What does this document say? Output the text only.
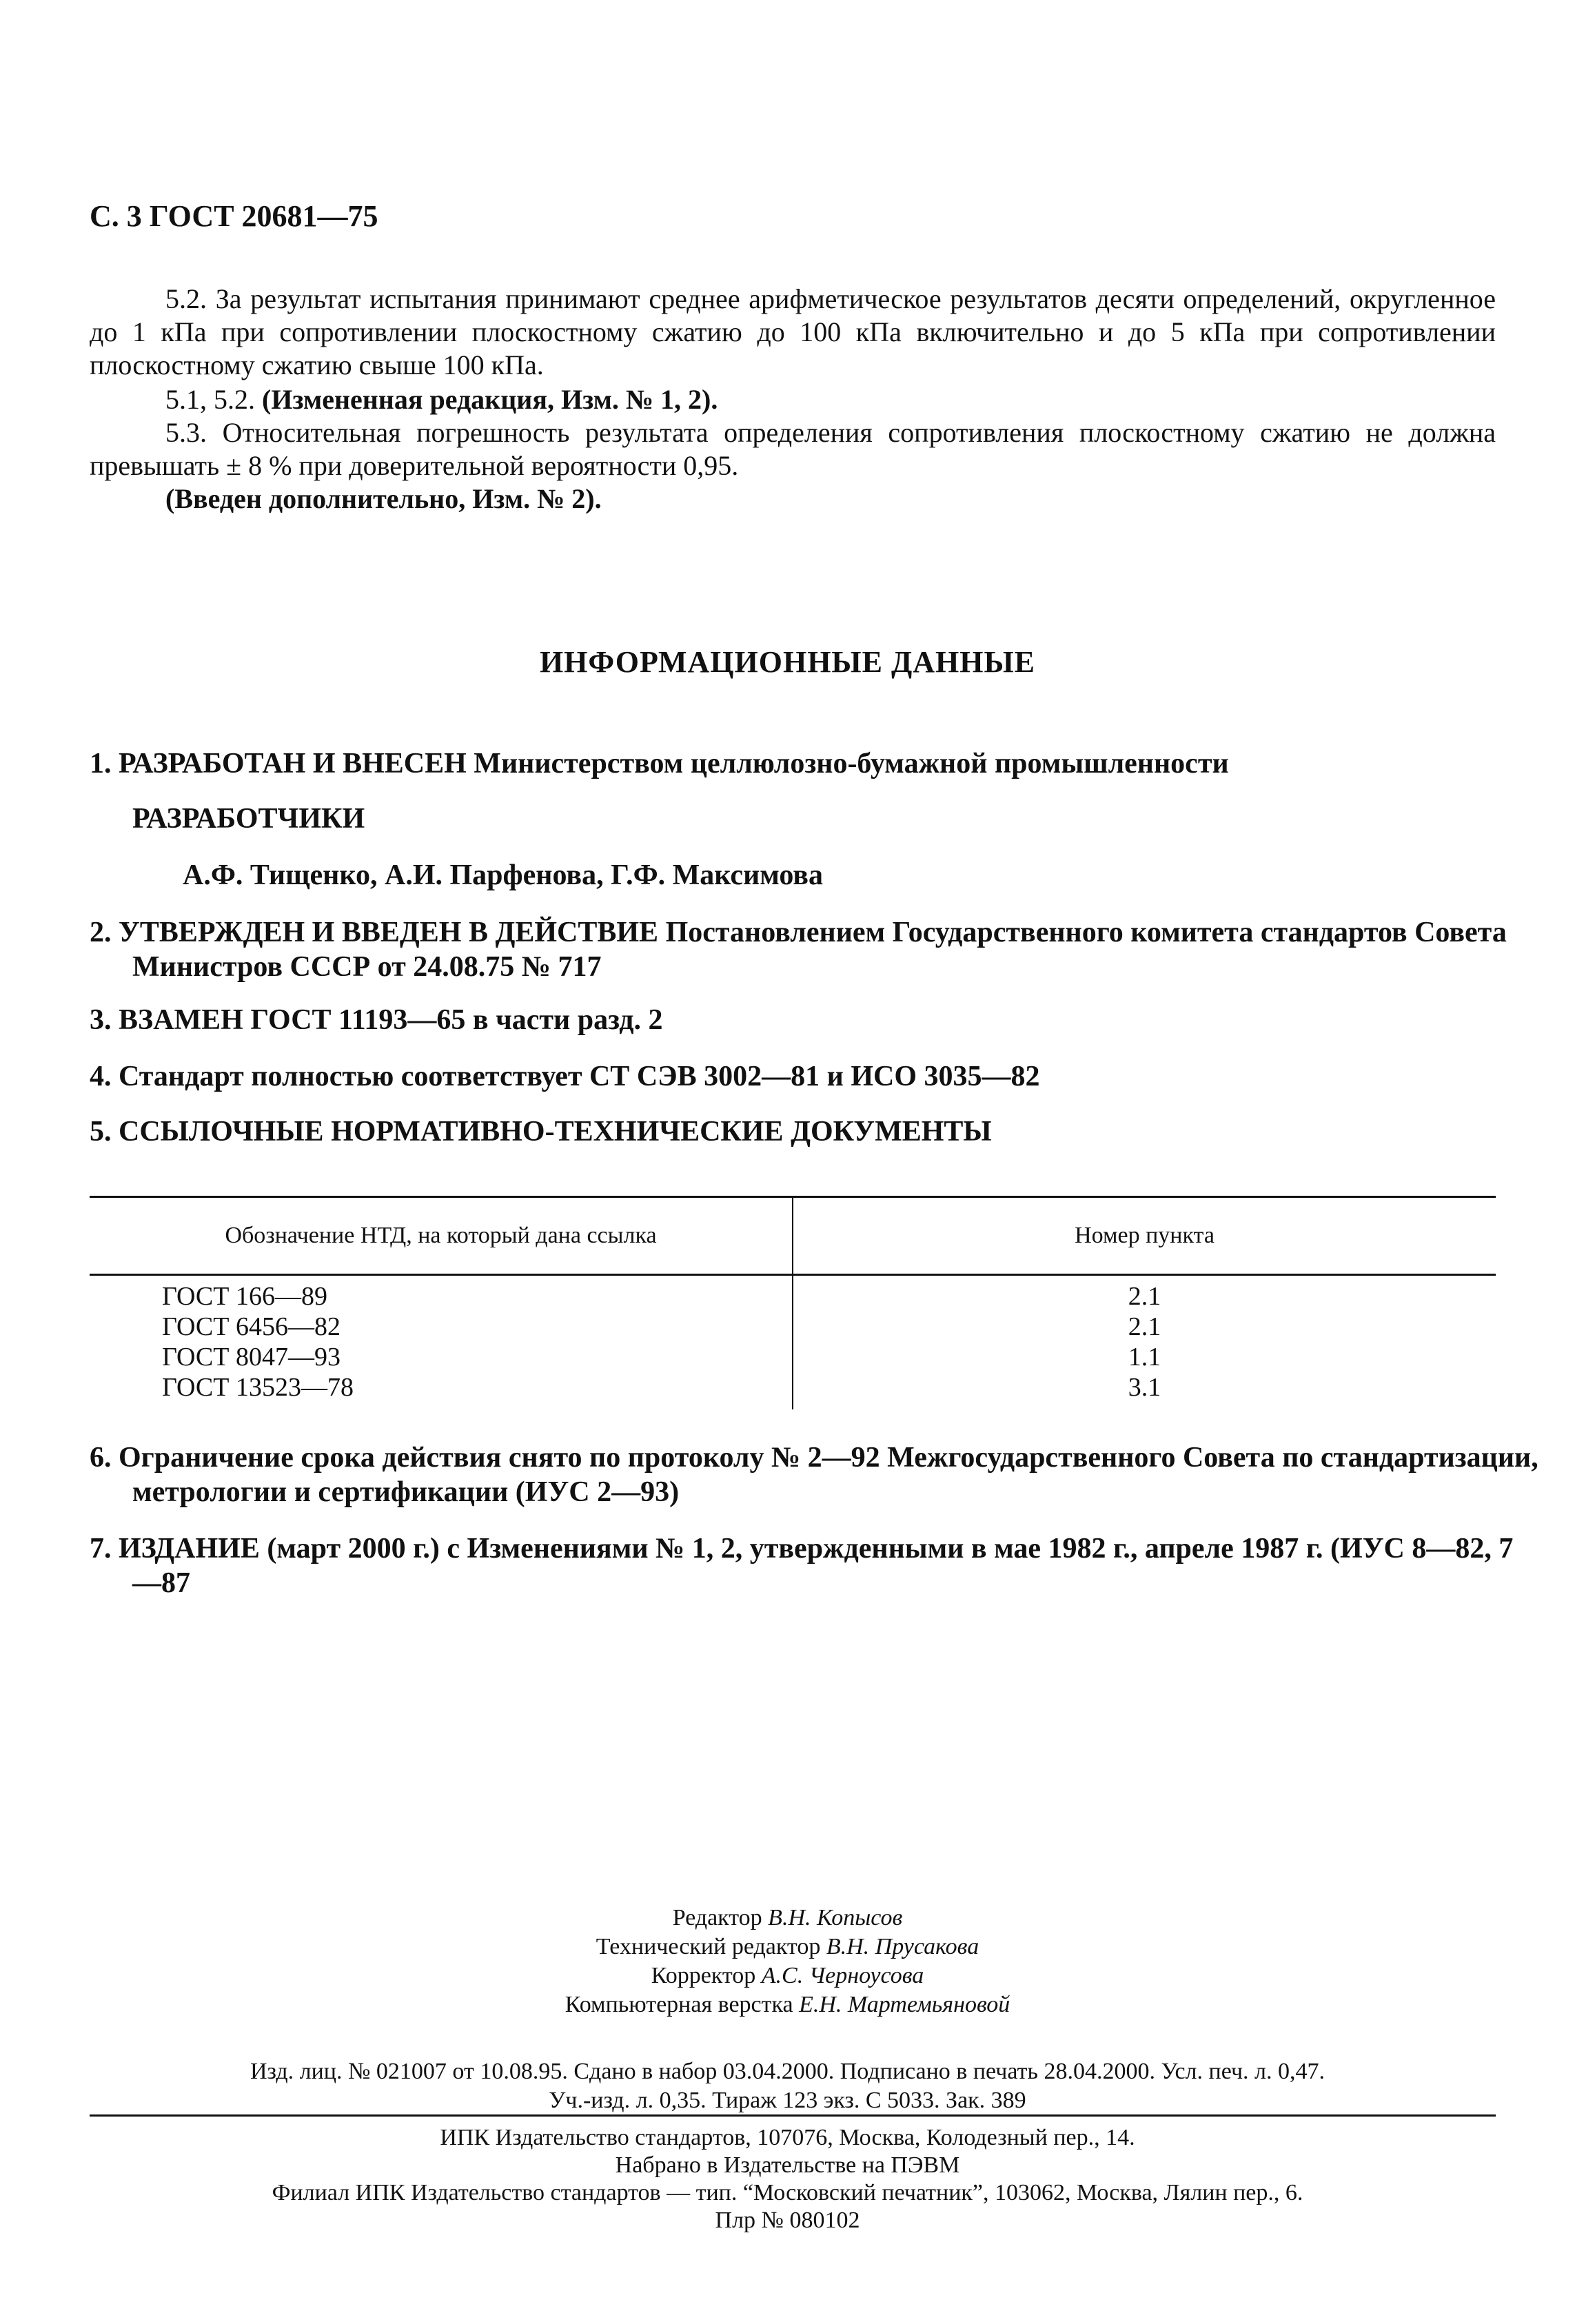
С. 3 ГОСТ 20681—75
5.2. За результат испытания принимают среднее арифметическое результатов десяти определений, округленное до 1 кПа при сопротивлении плоскостному сжатию до 100 кПа включительно и до 5 кПа при сопротивлении плоскостному сжатию свыше 100 кПа.
5.1, 5.2. (Измененная редакция, Изм. № 1, 2).
5.3. Относительная погрешность результата определения сопротивления плоскостному сжатию не должна превышать ± 8 % при доверительной вероятности 0,95.
(Введен дополнительно, Изм. № 2).
ИНФОРМАЦИОННЫЕ ДАННЫЕ
1. РАЗРАБОТАН И ВНЕСЕН Министерством целлюлозно-бумажной промышленности
РАЗРАБОТЧИКИ
А.Ф. Тищенко, А.И. Парфенова, Г.Ф. Максимова
2. УТВЕРЖДЕН И ВВЕДЕН В ДЕЙСТВИЕ Постановлением Государственного комитета стандартов Совета Министров СССР от 24.08.75 № 717
3. ВЗАМЕН ГОСТ 11193—65 в части разд. 2
4. Стандарт полностью соответствует СТ СЭВ 3002—81 и ИСО 3035—82
5. ССЫЛОЧНЫЕ НОРМАТИВНО-ТЕХНИЧЕСКИЕ ДОКУМЕНТЫ
Обозначение НТД, на который дана ссылка	Номер пункта
ГОСТ 166—89
ГОСТ 6456—82
ГОСТ 8047—93
ГОСТ 13523—78
2.1
2.1
1.1
3.1
6. Ограничение срока действия снято по протоколу № 2—92 Межгосударственного Совета по стандартизации, метрологии и сертификации (ИУС 2—93)
7. ИЗДАНИЕ (март 2000 г.) с Изменениями № 1, 2, утвержденными в мае 1982 г., апреле 1987 г. (ИУС 8—82, 7—87
Редактор В.Н. Копысов
Технический редактор В.Н. Прусакова
Корректор А.С. Черноусова
Компьютерная верстка Е.Н. Мартемьяновой
Изд. лиц. № 021007 от 10.08.95. Сдано в набор 03.04.2000. Подписано в печать 28.04.2000. Усл. печ. л. 0,47.
Уч.-изд. л. 0,35. Тираж 123 экз. С 5033. Зак. 389
ИПК Издательство стандартов, 107076, Москва, Колодезный пер., 14.
Набрано в Издательстве на ПЭВМ
Филиал ИПК Издательство стандартов — тип. “Московский печатник”, 103062, Москва, Лялин пер., 6.
Плр № 080102
